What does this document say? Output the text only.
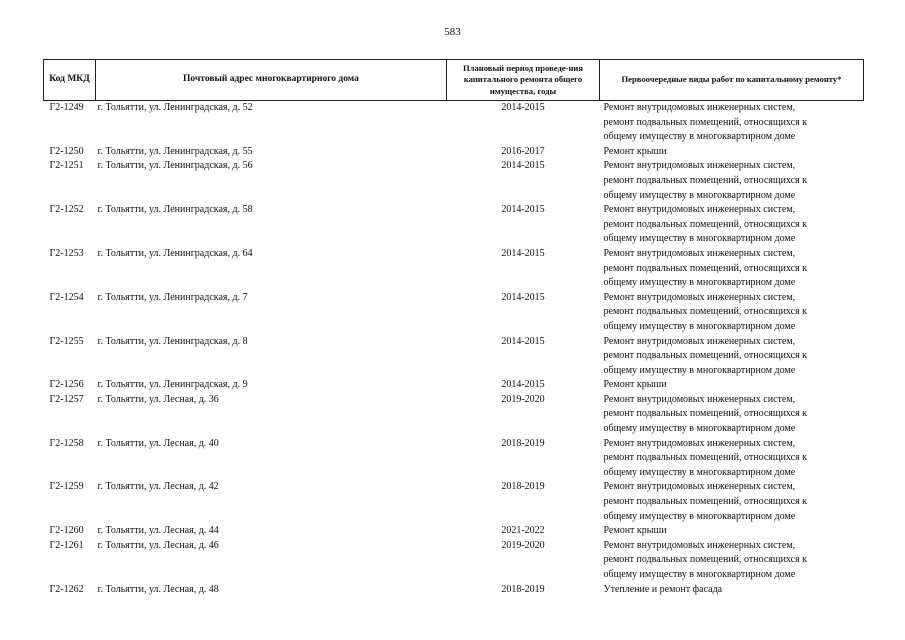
583
Код МКД	Почтовый адрес многоквартирного дома	Плановый период проведе-ния капитального ремонта общего имущества, годы	Первоочередные виды работ по капитальному ремонту*
Г2-1249	г. Тольятти, ул. Ленинградская, д. 52	2014-2015	Ремонт внутридомовых инженерных систем,
ремонт подвальных помещений, относящихся к
общему имуществу в многоквартирном доме

Г2-1250	г. Тольятти, ул. Ленинградская, д. 55	2016-2017	Ремонт крыши

Г2-1251	г. Тольятти, ул. Ленинградская, д. 56	2014-2015	Ремонт внутридомовых инженерных систем,
ремонт подвальных помещений, относящихся к
общему имуществу в многоквартирном доме

Г2-1252	г. Тольятти, ул. Ленинградская, д. 58	2014-2015	Ремонт внутридомовых инженерных систем,
ремонт подвальных помещений, относящихся к
общему имуществу в многоквартирном доме

Г2-1253	г. Тольятти, ул. Ленинградская, д. 64	2014-2015	Ремонт внутридомовых инженерных систем,
ремонт подвальных помещений, относящихся к
общему имуществу в многоквартирном доме

Г2-1254	г. Тольятти, ул. Ленинградская, д. 7	2014-2015	Ремонт внутридомовых инженерных систем,
ремонт подвальных помещений, относящихся к
общему имуществу в многоквартирном доме

Г2-1255	г. Тольятти, ул. Ленинградская, д. 8	2014-2015	Ремонт внутридомовых инженерных систем,
ремонт подвальных помещений, относящихся к
общему имуществу в многоквартирном доме

Г2-1256	г. Тольятти, ул. Ленинградская, д. 9	2014-2015	Ремонт крыши

Г2-1257	г. Тольятти, ул. Лесная, д. 36	2019-2020	Ремонт внутридомовых инженерных систем,
ремонт подвальных помещений, относящихся к
общему имуществу в многоквартирном доме

Г2-1258	г. Тольятти, ул. Лесная, д. 40	2018-2019	Ремонт внутридомовых инженерных систем,
ремонт подвальных помещений, относящихся к
общему имуществу в многоквартирном доме

Г2-1259	г. Тольятти, ул. Лесная, д. 42	2018-2019	Ремонт внутридомовых инженерных систем,
ремонт подвальных помещений, относящихся к
общему имуществу в многоквартирном доме

Г2-1260	г. Тольятти, ул. Лесная, д. 44	2021-2022	Ремонт крыши

Г2-1261	г. Тольятти, ул. Лесная, д. 46	2019-2020	Ремонт внутридомовых инженерных систем,
ремонт подвальных помещений, относящихся к
общему имуществу в многоквартирном доме

Г2-1262	г. Тольятти, ул. Лесная, д. 48	2018-2019	Утепление и ремонт фасада
